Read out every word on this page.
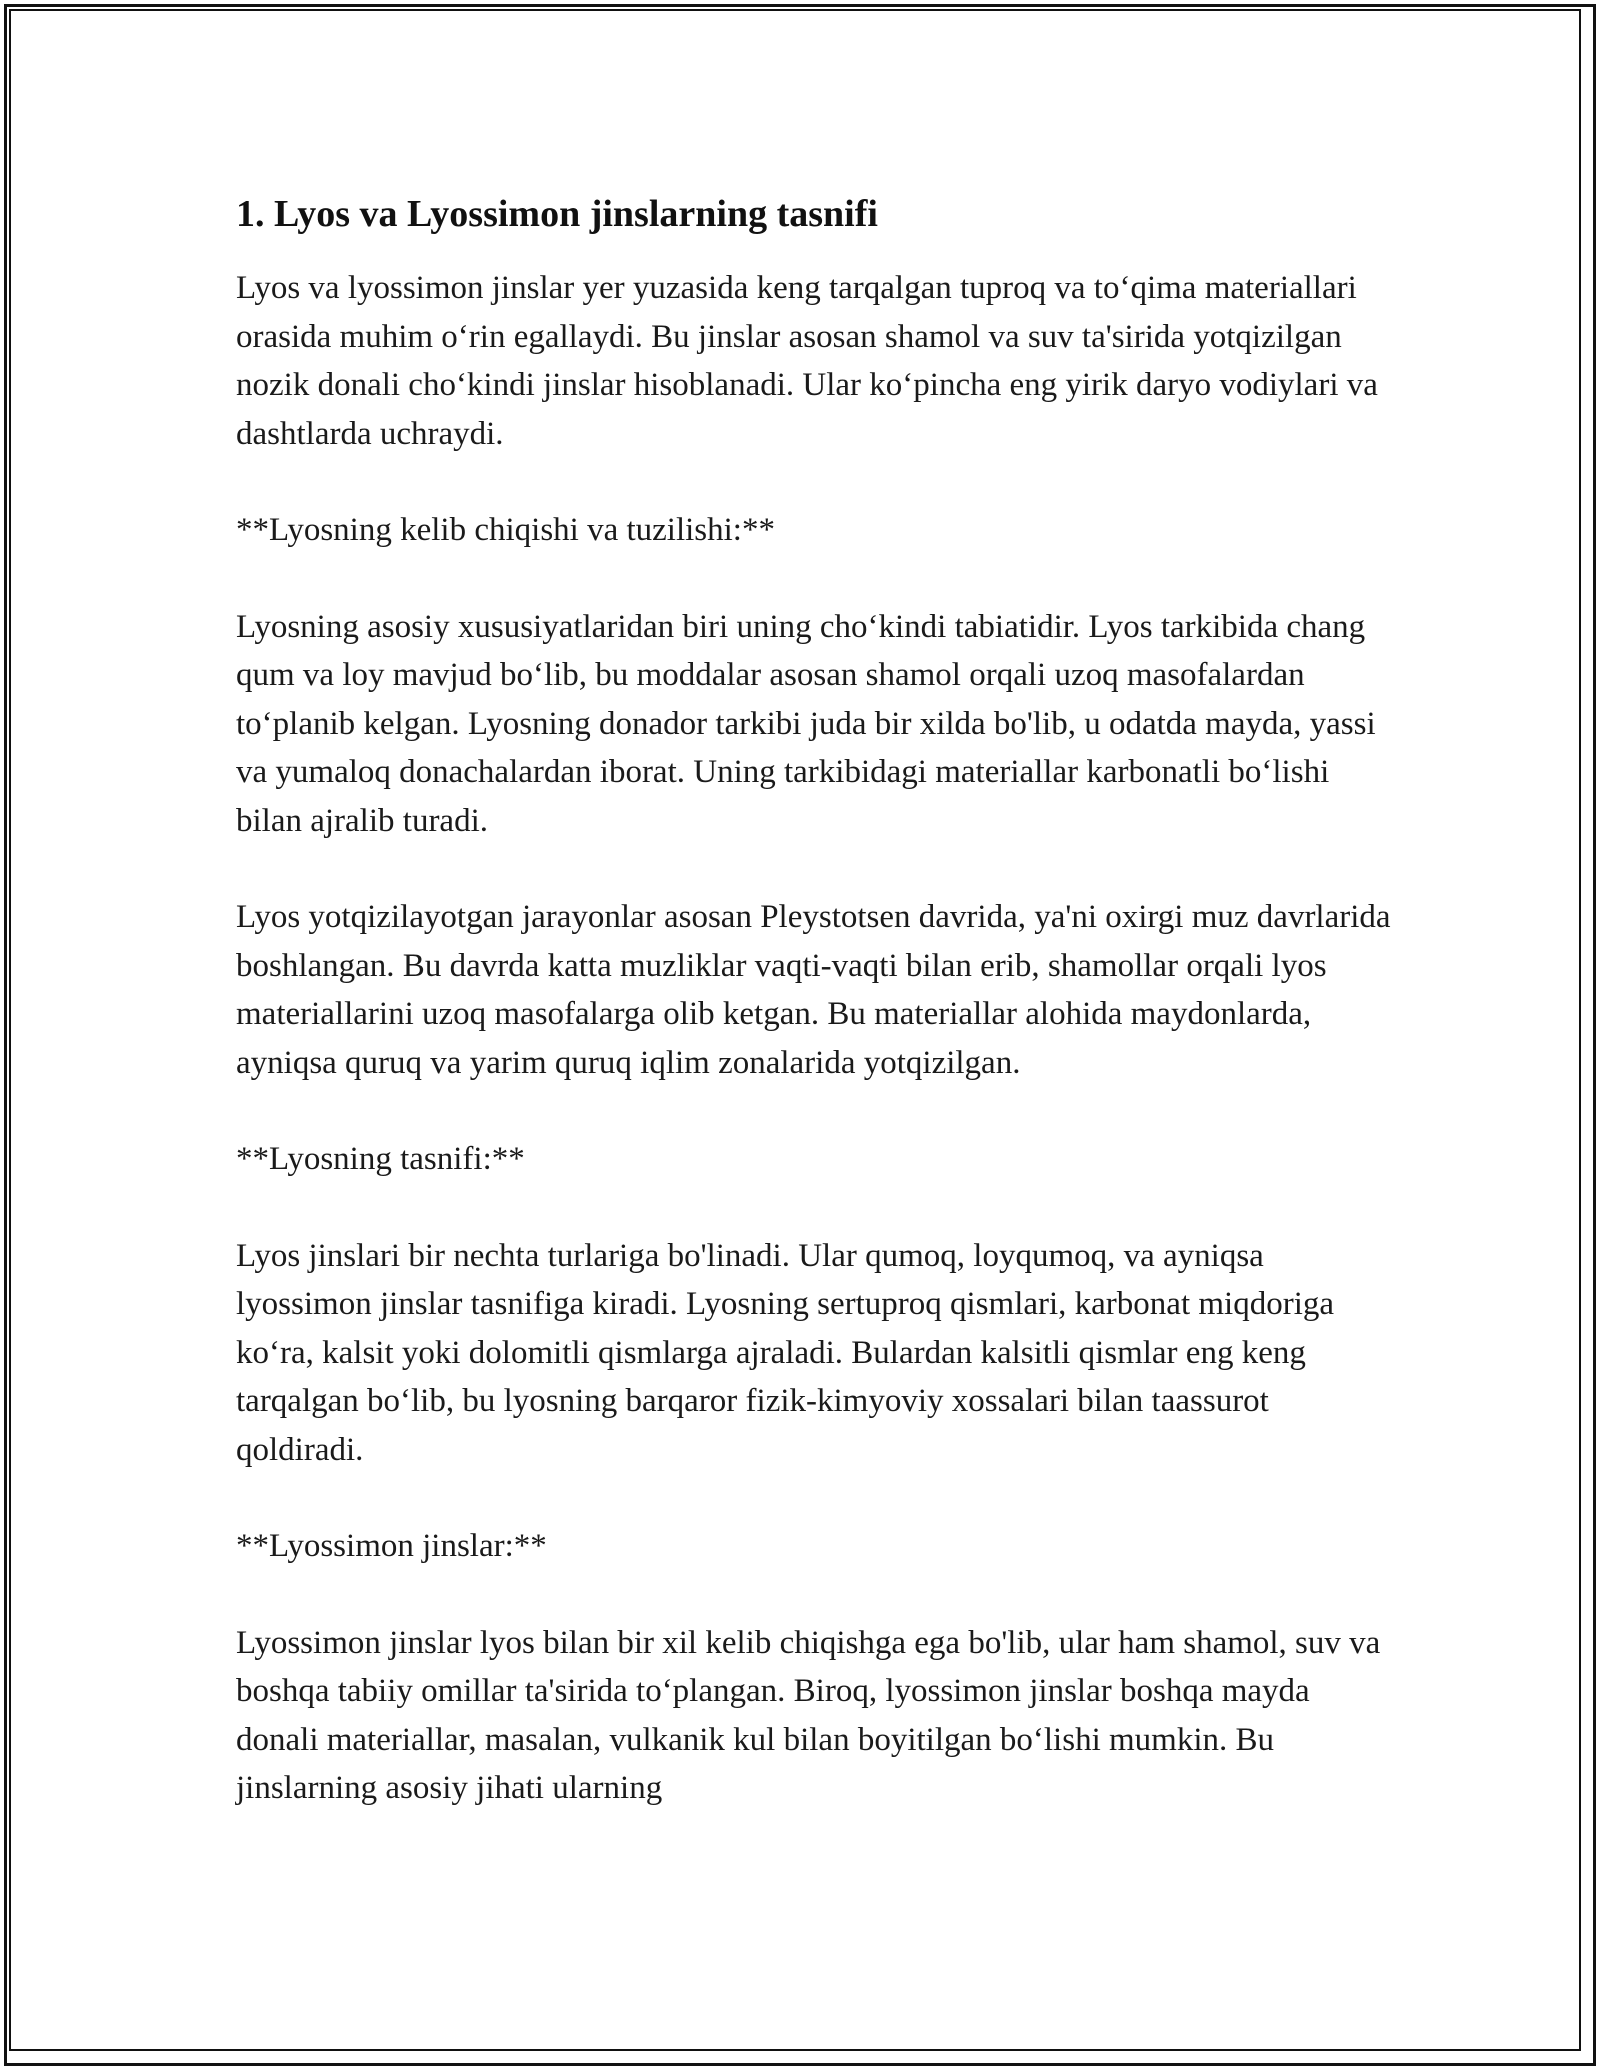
1. Lyos va Lyossimon jinslarning tasnifi

Lyos va lyossimon jinslar yer yuzasida keng tarqalgan tuproq va to‘qima materiallari orasida muhim o‘rin egallaydi. Bu jinslar asosan shamol va suv ta'sirida yotqizilgan nozik donali cho‘kindi jinslar hisoblanadi. Ular ko‘pincha eng yirik daryo vodiylari va dashtlarda uchraydi.

**Lyosning kelib chiqishi va tuzilishi:**

Lyosning asosiy xususiyatlaridan biri uning cho‘kindi tabiatidir. Lyos tarkibida chang qum va loy mavjud bo‘lib, bu moddalar asosan shamol orqali uzoq masofalardan to‘planib kelgan. Lyosning donador tarkibi juda bir xilda bo'lib, u odatda mayda, yassi va yumaloq donachalardan iborat. Uning tarkibidagi materiallar karbonatli bo‘lishi bilan ajralib turadi.

Lyos yotqizilayotgan jarayonlar asosan Pleystotsen davrida, ya'ni oxirgi muz davrlarida boshlangan. Bu davrda katta muzliklar vaqti-vaqti bilan erib, shamollar orqali lyos materiallarini uzoq masofalarga olib ketgan. Bu materiallar alohida maydonlarda, ayniqsa quruq va yarim quruq iqlim zonalarida yotqizilgan.

**Lyosning tasnifi:**

Lyos jinslari bir nechta turlariga bo'linadi. Ular qumoq, loyqumoq, va ayniqsa lyossimon jinslar tasnifiga kiradi. Lyosning sertuproq qismlari, karbonat miqdoriga ko‘ra, kalsit yoki dolomitli qismlarga ajraladi. Bulardan kalsitli qismlar eng keng tarqalgan bo‘lib, bu lyosning barqaror fizik-kimyoviy xossalari bilan taassurot qoldiradi.

**Lyossimon jinslar:**

Lyossimon jinslar lyos bilan bir xil kelib chiqishga ega bo'lib, ular ham shamol, suv va boshqa tabiiy omillar ta'sirida to‘plangan. Biroq, lyossimon jinslar boshqa mayda donali materiallar, masalan, vulkanik kul bilan boyitilgan bo‘lishi mumkin. Bu jinslarning asosiy jihati ularning
